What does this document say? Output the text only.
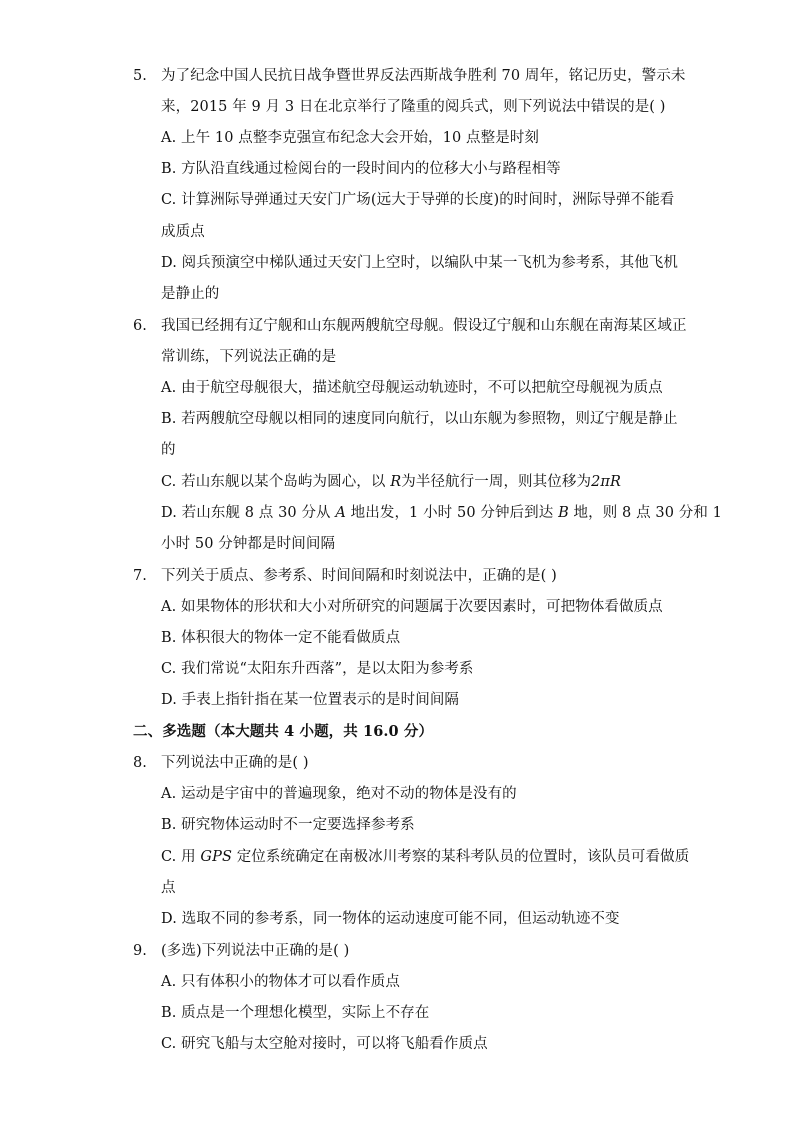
5. 为了纪念中国人民抗日战争暨世界反法西斯战争胜利 70 周年，铭记历史，警示未
来，2015 年 9 月 3 日在北京举行了隆重的阅兵式，则下列说法中错误的是( )
A. 上午 10 点整李克强宣布纪念大会开始，10 点整是时刻
B. 方队沿直线通过检阅台的一段时间内的位移大小与路程相等
C. 计算洲际导弹通过天安门广场(远大于导弹的长度)的时间时，洲际导弹不能看
成质点
D. 阅兵预演空中梯队通过天安门上空时，以编队中某一飞机为参考系，其他飞机
是静止的
6. 我国已经拥有辽宁舰和山东舰两艘航空母舰。假设辽宁舰和山东舰在南海某区域正
常训练，下列说法正确的是
A. 由于航空母舰很大，描述航空母舰运动轨迹时，不可以把航空母舰视为质点
B. 若两艘航空母舰以相同的速度同向航行，以山东舰为参照物，则辽宁舰是静止
的
C. 若山东舰以某个岛屿为圆心，以 R为半径航行一周，则其位移为2πR
D. 若山东舰 8 点 30 分从 A 地出发，1 小时 50 分钟后到达 B 地，则 8 点 30 分和 1
小时 50 分钟都是时间间隔
7. 下列关于质点、参考系、时间间隔和时刻说法中，正确的是( )
A. 如果物体的形状和大小对所研究的问题属于次要因素时，可把物体看做质点
B. 体积很大的物体一定不能看做质点
C. 我们常说“太阳东升西落”，是以太阳为参考系
D. 手表上指针指在某一位置表示的是时间间隔
二、多选题（本大题共 4 小题，共 16.0 分）
8. 下列说法中正确的是( )
A. 运动是宇宙中的普遍现象，绝对不动的物体是没有的
B. 研究物体运动时不一定要选择参考系
C. 用 GPS 定位系统确定在南极冰川考察的某科考队员的位置时，该队员可看做质
点
D. 选取不同的参考系，同一物体的运动速度可能不同，但运动轨迹不变
9. (多选)下列说法中正确的是( )
A. 只有体积小的物体才可以看作质点
B. 质点是一个理想化模型，实际上不存在
C. 研究飞船与太空舱对接时，可以将飞船看作质点
